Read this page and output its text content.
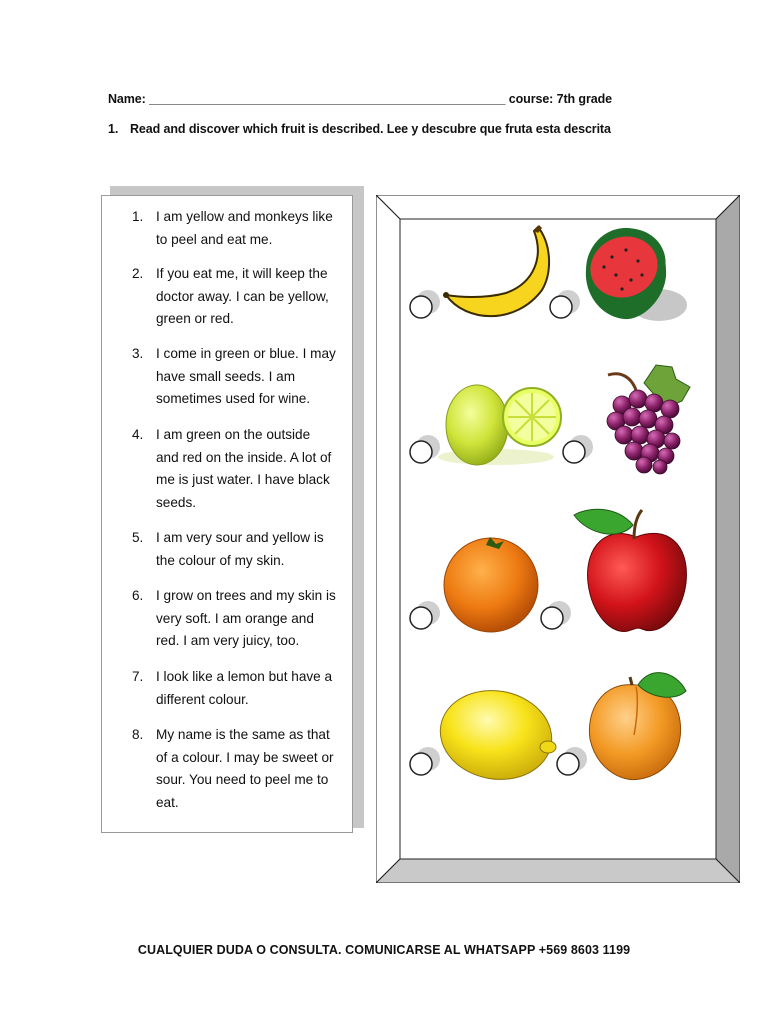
Name: ____________________________________________________ course: 7th grade
1. Read and discover which fruit is described. Lee y descubre que fruta esta descrita
1. I am yellow and monkeys like
to peel and eat me.
2. If you eat me, it will keep the
doctor away. I can be yellow,
green or red.
3. I come in green or blue. I may
have small seeds. I am
sometimes used for wine.
4. I am green on the outside
and red on the inside. A lot of
me is just water. I have black
seeds.
5. I am very sour and yellow is
the colour of my skin.
6. I grow on trees and my skin is
very soft. I am orange and
red. I am very juicy, too.
7. I look like a lemon but have a
different colour.
8. My name is the same as that
of a colour. I may be sweet or
sour. You need to peel me to
eat.
CUALQUIER DUDA O CONSULTA. COMUNICARSE AL WHATSAPP +569 8603 1199
